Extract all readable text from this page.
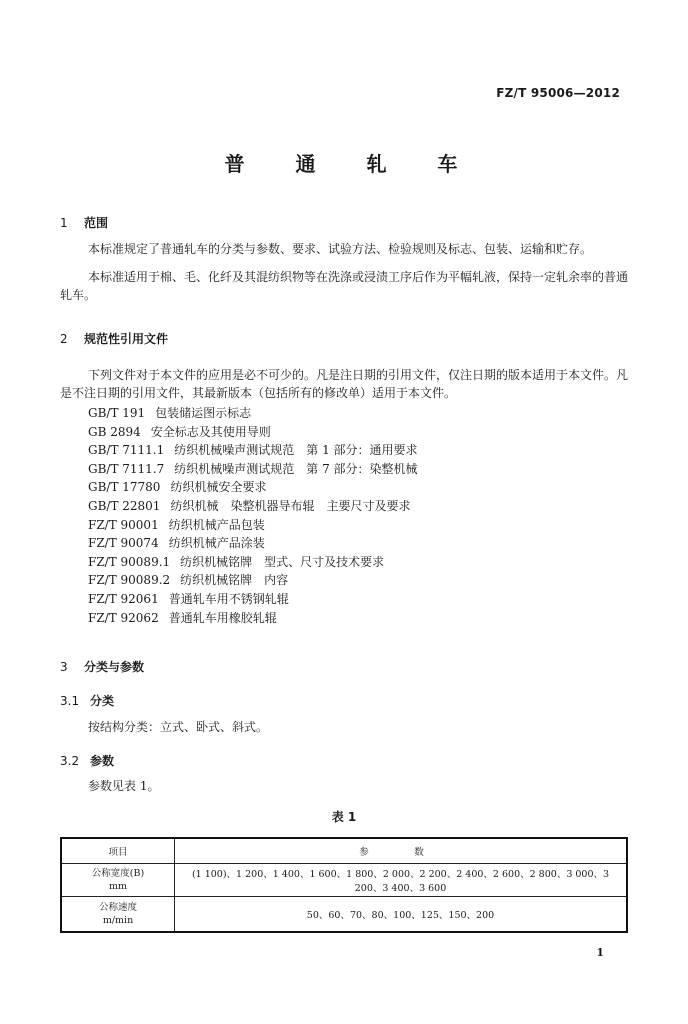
FZ/T 95006—2012
普 通 轧 车
1 范围
本标准规定了普通轧车的分类与参数、要求、试验方法、检验规则及标志、包装、运输和贮存。
本标准适用于棉、毛、化纤及其混纺织物等在洗涤或浸渍工序后作为平幅轧液，保持一定轧余率的普通轧车。
2 规范性引用文件
下列文件对于本文件的应用是必不可少的。凡是注日期的引用文件，仅注日期的版本适用于本文件。凡是不注日期的引用文件，其最新版本（包括所有的修改单）适用于本文件。
GB/T 191 包装储运图示标志
GB 2894 安全标志及其使用导则
GB/T 7111.1 纺织机械噪声测试规范　第 1 部分：通用要求
GB/T 7111.7 纺织机械噪声测试规范　第 7 部分：染整机械
GB/T 17780 纺织机械安全要求
GB/T 22801 纺织机械　染整机器导布辊　主要尺寸及要求
FZ/T 90001 纺织机械产品包装
FZ/T 90074 纺织机械产品涂装
FZ/T 90089.1 纺织机械铭牌　型式、尺寸及技术要求
FZ/T 90089.2 纺织机械铭牌　内容
FZ/T 92061 普通轧车用不锈钢轧辊
FZ/T 92062 普通轧车用橡胶轧辊
3 分类与参数
3.1 分类
按结构分类：立式、卧式、斜式。
3.2 参数
参数见表 1。
表 1
项目	参　数

公称宽度(B)
mm	(1 100)、1 200、1 400、1 600、1 800、2 000、2 200、2 400、2 600、2 800、3 000、3 200、3 400、3 600

公称速度
m/min	50、60、70、80、100、125、150、200
1
